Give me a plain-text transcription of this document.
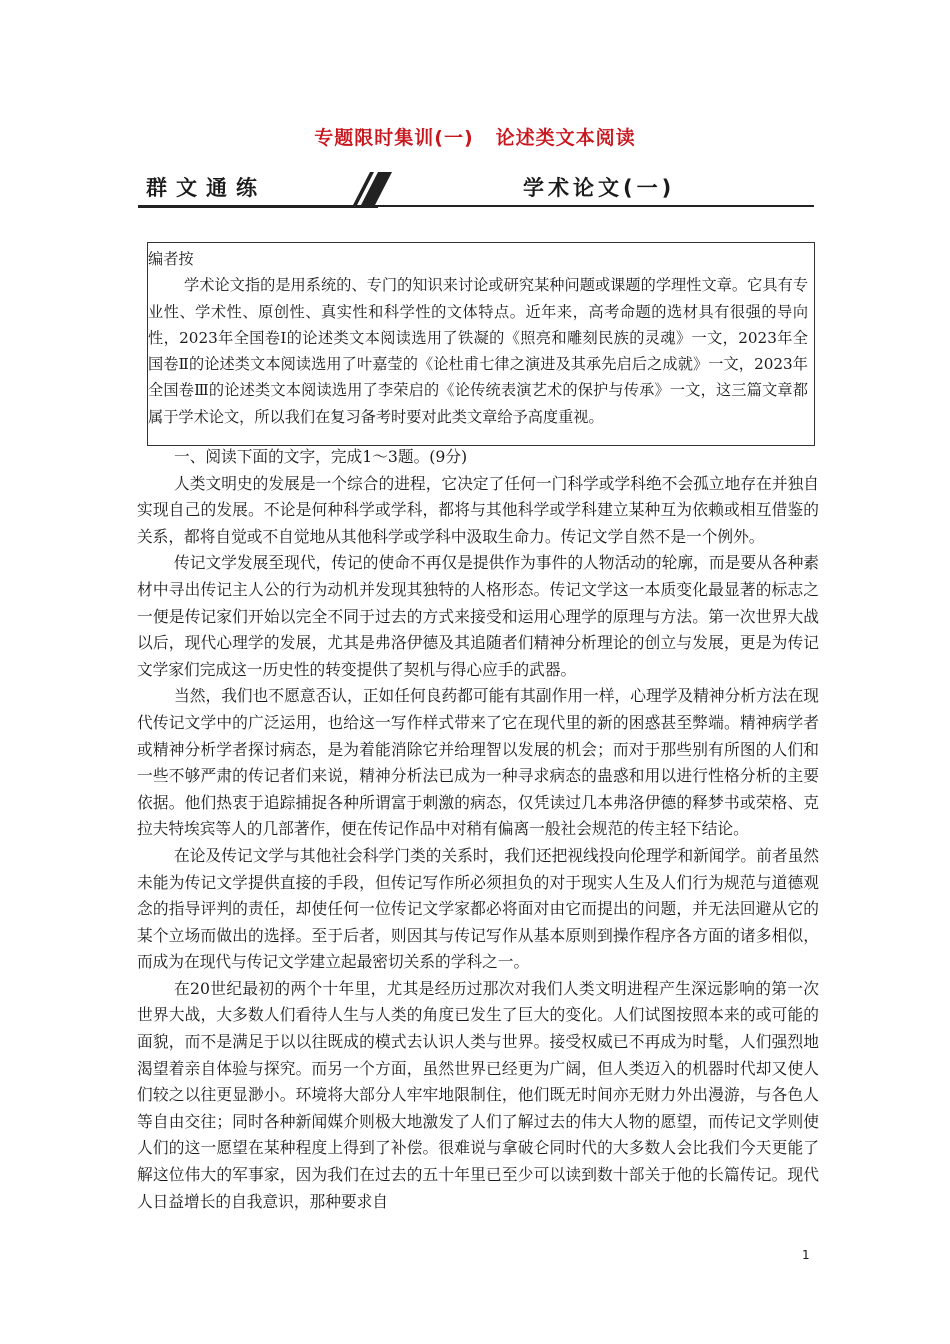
专题限时集训(一) 论述类文本阅读
群文通练	学术论文(一)
编者按

学术论文指的是用系统的、专门的知识来讨论或研究某种问题或课题的学理性文章。它具有专业性、学术性、原创性、真实性和科学性的文体特点。近年来，高考命题的选材具有很强的导向性，2023年全国卷Ⅰ的论述类文本阅读选用了铁凝的《照亮和雕刻民族的灵魂》一文，2023年全国卷Ⅱ的论述类文本阅读选用了叶嘉莹的《论杜甫七律之演进及其承先启后之成就》一文，2023年全国卷Ⅲ的论述类文本阅读选用了李荣启的《论传统表演艺术的保护与传承》一文，这三篇文章都属于学术论文，所以我们在复习备考时要对此类文章给予高度重视。

一、阅读下面的文字，完成1～3题。(9分)

人类文明史的发展是一个综合的进程，它决定了任何一门科学或学科绝不会孤立地存在并独自实现自己的发展。不论是何种科学或学科，都将与其他科学或学科建立某种互为依赖或相互借鉴的关系，都将自觉或不自觉地从其他科学或学科中汲取生命力。传记文学自然不是一个例外。

传记文学发展至现代，传记的使命不再仅是提供作为事件的人物活动的轮廓，而是要从各种素材中寻出传记主人公的行为动机并发现其独特的人格形态。传记文学这一本质变化最显著的标志之一便是传记家们开始以完全不同于过去的方式来接受和运用心理学的原理与方法。第一次世界大战以后，现代心理学的发展，尤其是弗洛伊德及其追随者们精神分析理论的创立与发展，更是为传记文学家们完成这一历史性的转变提供了契机与得心应手的武器。

当然，我们也不愿意否认，正如任何良药都可能有其副作用一样，心理学及精神分析方法在现代传记文学中的广泛运用，也给这一写作样式带来了它在现代里的新的困惑甚至弊端。精神病学者或精神分析学者探讨病态，是为着能消除它并给理智以发展的机会；而对于那些别有所图的人们和一些不够严肃的传记者们来说，精神分析法已成为一种寻求病态的蛊惑和用以进行性格分析的主要依据。他们热衷于追踪捕捉各种所谓富于刺激的病态，仅凭读过几本弗洛伊德的释梦书或荣格、克拉夫特埃宾等人的几部著作，便在传记作品中对稍有偏离一般社会规范的传主轻下结论。

在论及传记文学与其他社会科学门类的关系时，我们还把视线投向伦理学和新闻学。前者虽然未能为传记文学提供直接的手段，但传记写作所必须担负的对于现实人生及人们行为规范与道德观念的指导评判的责任，却使任何一位传记文学家都必将面对由它而提出的问题，并无法回避从它的某个立场而做出的选择。至于后者，则因其与传记写作从基本原则到操作程序各方面的诸多相似，而成为在现代与传记文学建立起最密切关系的学科之一。

在20世纪最初的两个十年里，尤其是经历过那次对我们人类文明进程产生深远影响的第一次世界大战，大多数人们看待人生与人类的角度已发生了巨大的变化。人们试图按照本来的或可能的面貌，而不是满足于以以往既成的模式去认识人类与世界。接受权威已不再成为时髦，人们强烈地渴望着亲自体验与探究。而另一个方面，虽然世界已经更为广阔，但人类迈入的机器时代却又使人们较之以往更显渺小。环境将大部分人牢牢地限制住，他们既无时间亦无财力外出漫游，与各色人等自由交往；同时各种新闻媒介则极大地激发了人们了解过去的伟大人物的愿望，而传记文学则使人们的这一愿望在某种程度上得到了补偿。很难说与拿破仑同时代的大多数人会比我们今天更能了解这位伟大的军事家，因为我们在过去的五十年里已至少可以读到数十部关于他的长篇传记。现代人日益增长的自我意识，那种要求自

1
